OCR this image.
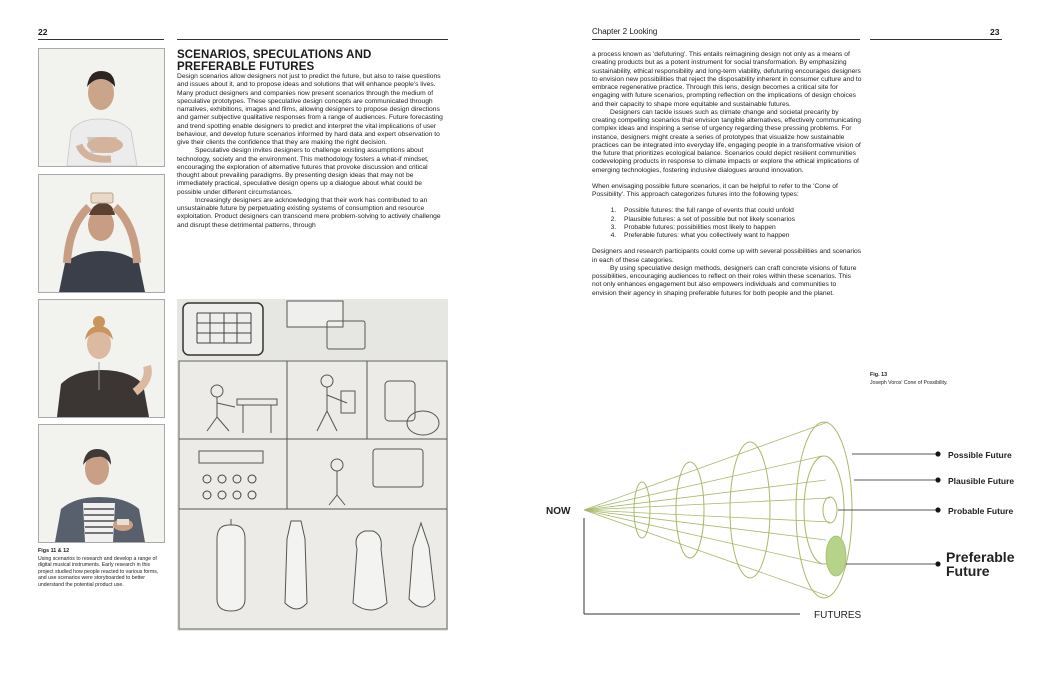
22
Figs 11 & 12
Using scenarios to research and develop a range of digital musical instruments. Early research in this project studied how people reacted to various forms, and use scenarios were storyboarded to better understand the potential product use.
SCENARIOS, SPECULATIONS AND PREFERABLE FUTURES

Design scenarios allow designers not just to predict the future, but also to raise questions and issues about it, and to propose ideas and solutions that will enhance people's lives. Many product designers and companies now present scenarios through the medium of speculative prototypes. These speculative design concepts are communicated through narratives, exhibitions, images and films, allowing designers to propose design directions and garner subjective qualitative responses from a range of audiences. Future forecasting and trend spotting enable designers to predict and interpret the vital implications of user behaviour, and develop future scenarios informed by hard data and expert observation to give their clients the confidence that they are making the right decision.

Speculative design invites designers to challenge existing assumptions about technology, society and the environment. This methodology fosters a what-if mindset, encouraging the exploration of alternative futures that provoke discussion and critical thought about prevailing paradigms. By presenting design ideas that may not be immediately practical, speculative design opens up a dialogue about what could be possible under different circumstances.

Increasingly designers are acknowledging that their work has contributed to an unsustainable future by perpetuating existing systems of consumption and resource exploitation. Product designers can transcend mere problem-solving to actively challenge and disrupt these detrimental patterns, through

Chapter 2 Looking	23

a process known as 'defuturing'. This entails reimagining design not only as a means of creating products but as a potent instrument for social transformation. By emphasizing sustainability, ethical responsibility and long-term viability, defuturing encourages designers to envision new possibilities that reject the disposability inherent in consumer culture and to embrace regenerative practice. Through this lens, design becomes a critical site for engaging with future scenarios, prompting reflection on the implications of design choices and their capacity to shape more equitable and sustainable futures.

Designers can tackle issues such as climate change and societal precarity by creating compelling scenarios that envision tangible alternatives, effectively communicating complex ideas and inspiring a sense of urgency regarding these pressing problems. For instance, designers might create a series of prototypes that visualize how sustainable practices can be integrated into everyday life, engaging people in a transformative vision of the future that prioritizes ecological balance. Scenarios could depict resilient communities codeveloping products in response to climate impacts or explore the ethical implications of emerging technologies, fostering inclusive dialogues around innovation.

When envisaging possible future scenarios, it can be helpful to refer to the 'Cone of Possibility'. This approach categorizes futures into the following types:

1. Possible futures: the full range of events that could unfold
2. Plausible futures: a set of possible but not likely scenarios
3. Probable futures: possibilities most likely to happen
4. Preferable futures: what you collectively want to happen

Designers and research participants could come up with several possibilities and scenarios in each of these categories.

By using speculative design methods, designers can craft concrete visions of future possibilities, encouraging audiences to reflect on their roles within these scenarios. This not only enhances engagement but also empowers individuals and communities to envision their agency in shaping preferable futures for both people and the planet.

Fig. 13
Joseph Voros' Cone of Possibility.
NOW
FUTURES
Possible Future
Plausible Future
Probable Future
Preferable Future
